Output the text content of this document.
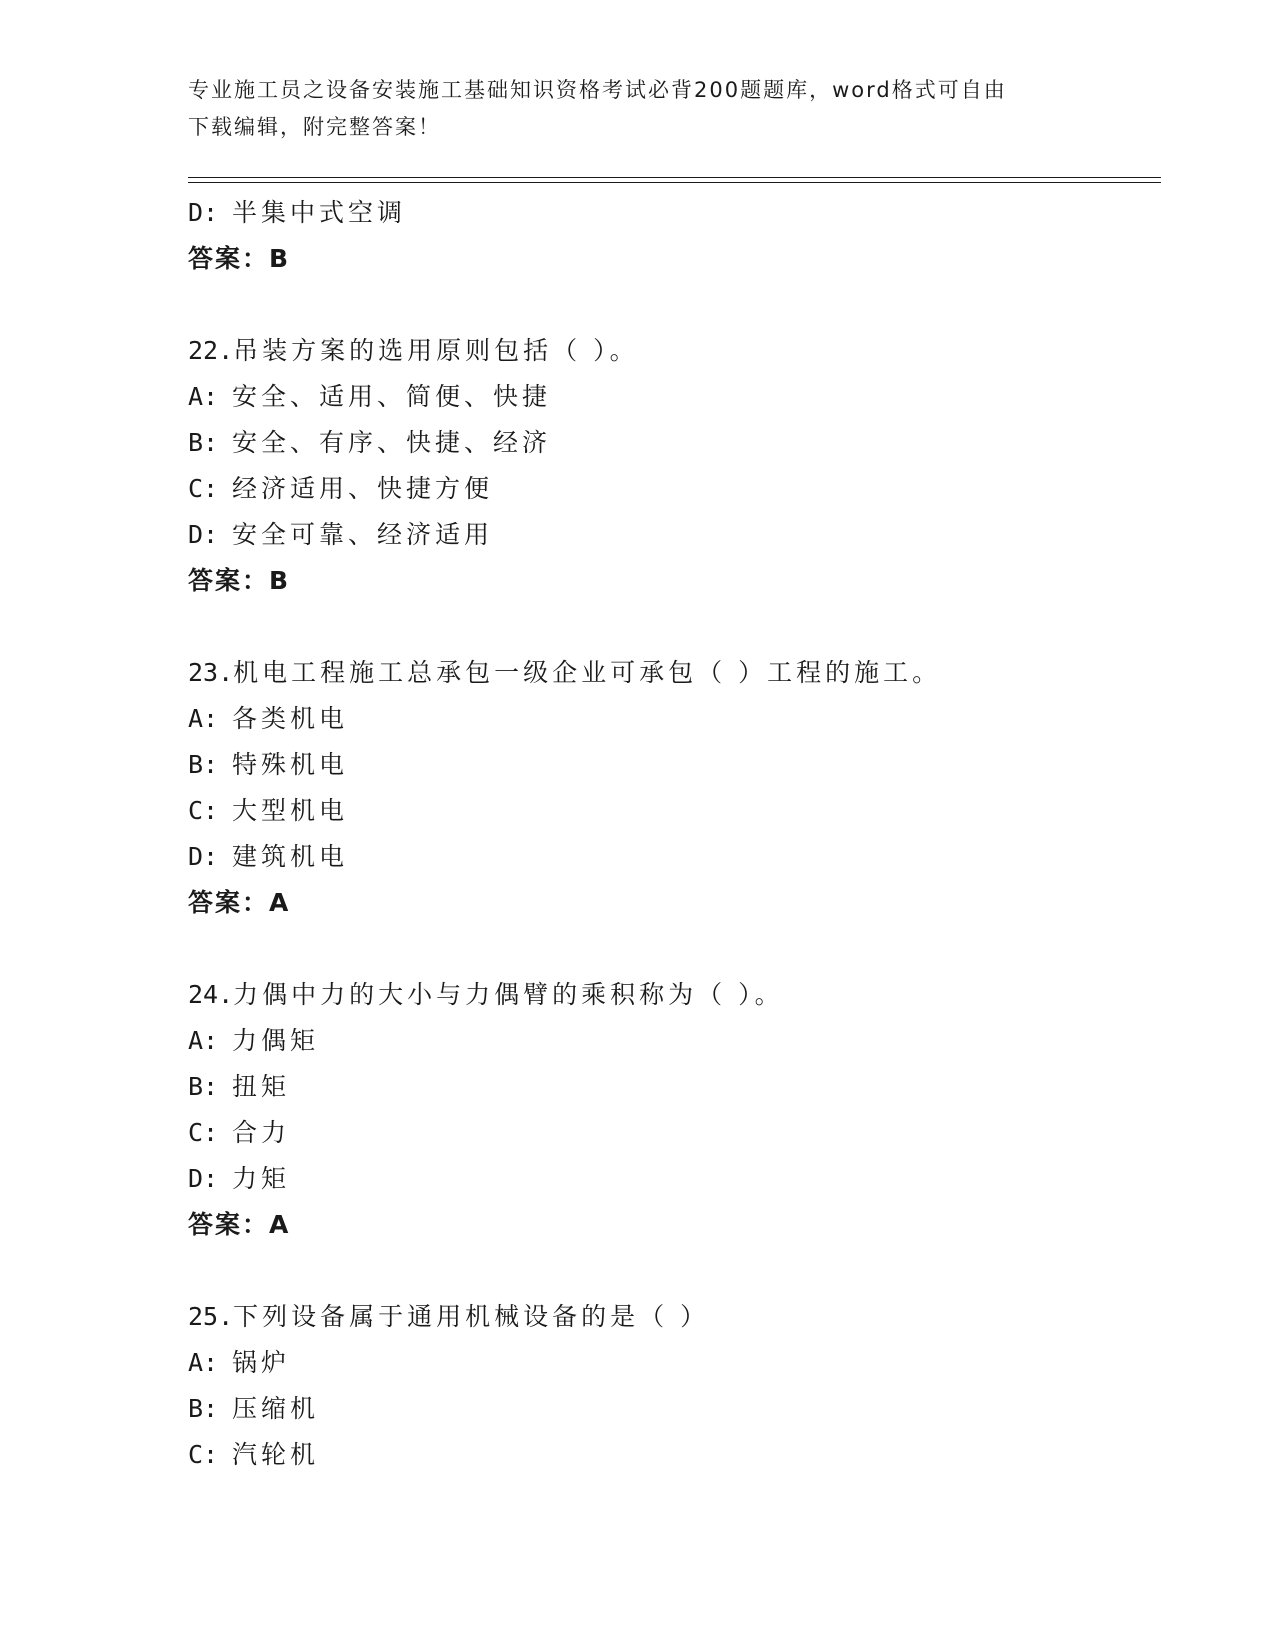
专业施工员之设备安装施工基础知识资格考试必背200题题库，word格式可自由
下载编辑，附完整答案！
D: 半集中式空调
答案：B
22.吊装方案的选用原则包括（ ）。
A: 安全、适用、简便、快捷
B: 安全、有序、快捷、经济
C: 经济适用、快捷方便
D: 安全可靠、经济适用
答案：B
23.机电工程施工总承包一级企业可承包（ ）工程的施工。
A: 各类机电
B: 特殊机电
C: 大型机电
D: 建筑机电
答案：A
24.力偶中力的大小与力偶臂的乘积称为（ ）。
A: 力偶矩
B: 扭矩
C: 合力
D: 力矩
答案：A
25.下列设备属于通用机械设备的是（ ）
A: 锅炉
B: 压缩机
C: 汽轮机
